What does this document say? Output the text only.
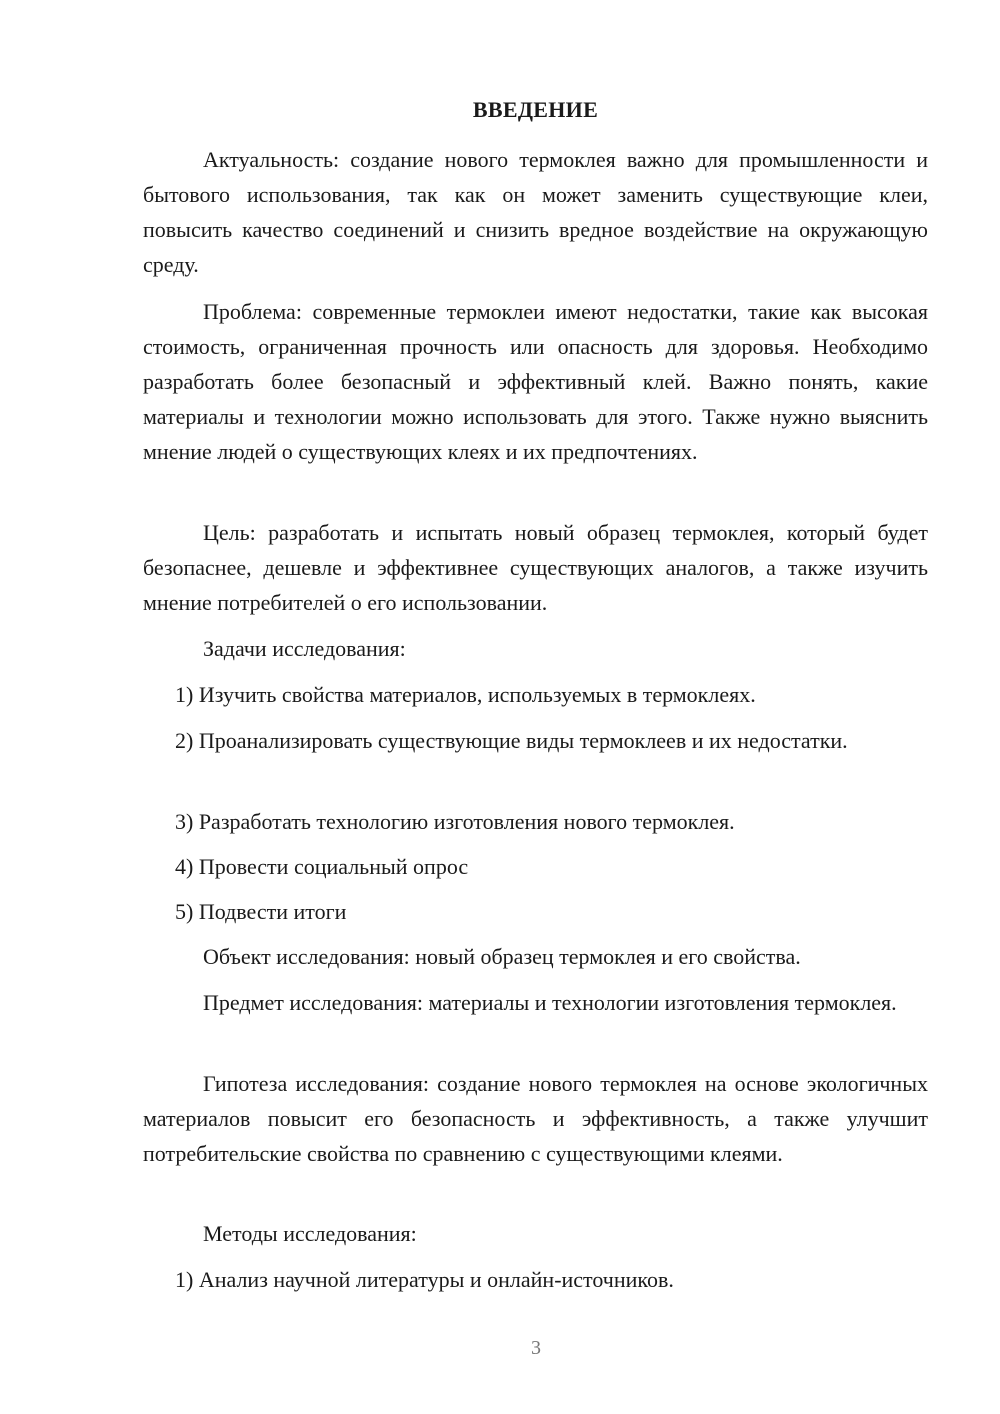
ВВЕДЕНИЕ

Актуальность: создание нового термоклея важно для промышленности и бытового использования, так как он может заменить существующие клеи, повысить качество соединений и снизить вредное воздействие на окружающую среду.

Проблема: современные термоклеи имеют недостатки, такие как высокая стоимость, ограниченная прочность или опасность для здоровья. Необходимо разработать более безопасный и эффективный клей. Важно понять, какие материалы и технологии можно использовать для этого. Также нужно выяснить мнение людей о существующих клеях и их предпочтениях.

Цель: разработать и испытать новый образец термоклея, который будет безопаснее, дешевле и эффективнее существующих аналогов, а также изучить мнение потребителей о его использовании.

Задачи исследования:

1) Изучить свойства материалов, используемых в термоклеях.

2) Проанализировать существующие виды термоклеев и их недостатки.

3) Разработать технологию изготовления нового термоклея.

4) Провести социальный опрос

5) Подвести итоги

Объект исследования: новый образец термоклея и его свойства.

Предмет исследования: материалы и технологии изготовления термоклея.

Гипотеза исследования: создание нового термоклея на основе экологичных материалов повысит его безопасность и эффективность, а также улучшит потребительские свойства по сравнению с существующими клеями.

Методы исследования:

1) Анализ научной литературы и онлайн-источников.

3
